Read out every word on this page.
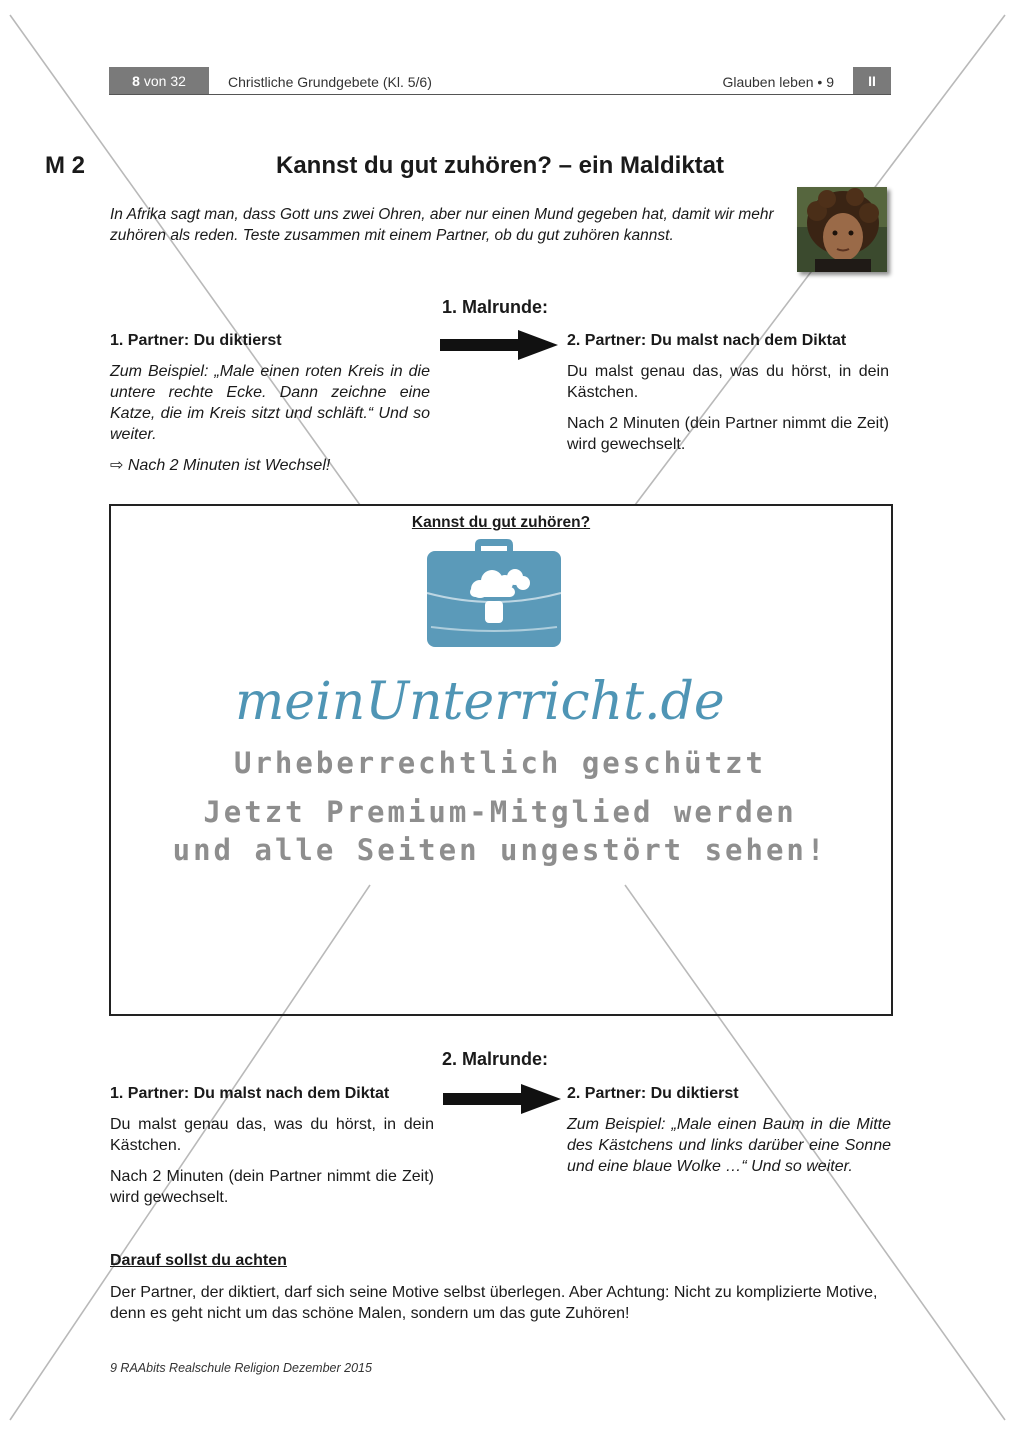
8 von 32	Christliche Grundgebete (Kl. 5/6)	Glauben leben • 9	II
M 2	Kannst du gut zuhören? – ein Maldiktat
In Afrika sagt man, dass Gott uns zwei Ohren, aber nur einen Mund gegeben hat, damit wir mehr zuhören als reden. Teste zusammen mit einem Partner, ob du gut zuhören kannst.
1. Malrunde:
1. Partner: Du diktierst

Zum Beispiel: „Male einen roten Kreis in die untere rechte Ecke. Dann zeichne eine Katze, die im Kreis sitzt und schläft.“ Und so weiter.

⇨ Nach 2 Minuten ist Wechsel!

2. Partner: Du malst nach dem Diktat

Du malst genau das, was du hörst, in dein Kästchen.

Nach 2 Minuten (dein Partner nimmt die Zeit) wird gewechselt.

Kannst du gut zuhören?
meinUnterricht.de
Urheberrechtlich geschützt
Jetzt Premium-Mitglied werden
und alle Seiten ungestört sehen!
2. Malrunde:
1. Partner: Du malst nach dem Diktat

Du malst genau das, was du hörst, in dein Kästchen.

Nach 2 Minuten (dein Partner nimmt die Zeit) wird gewechselt.

2. Partner: Du diktierst

Zum Beispiel: „Male einen Baum in die Mitte des Kästchens und links darüber eine Sonne und eine blaue Wolke …“ Und so weiter.

Darauf sollst du achten
Der Partner, der diktiert, darf sich seine Motive selbst überlegen. Aber Achtung: Nicht zu komplizierte Motive, denn es geht nicht um das schöne Malen, sondern um das gute Zuhören!
9 RAAbits Realschule Religion Dezember 2015
